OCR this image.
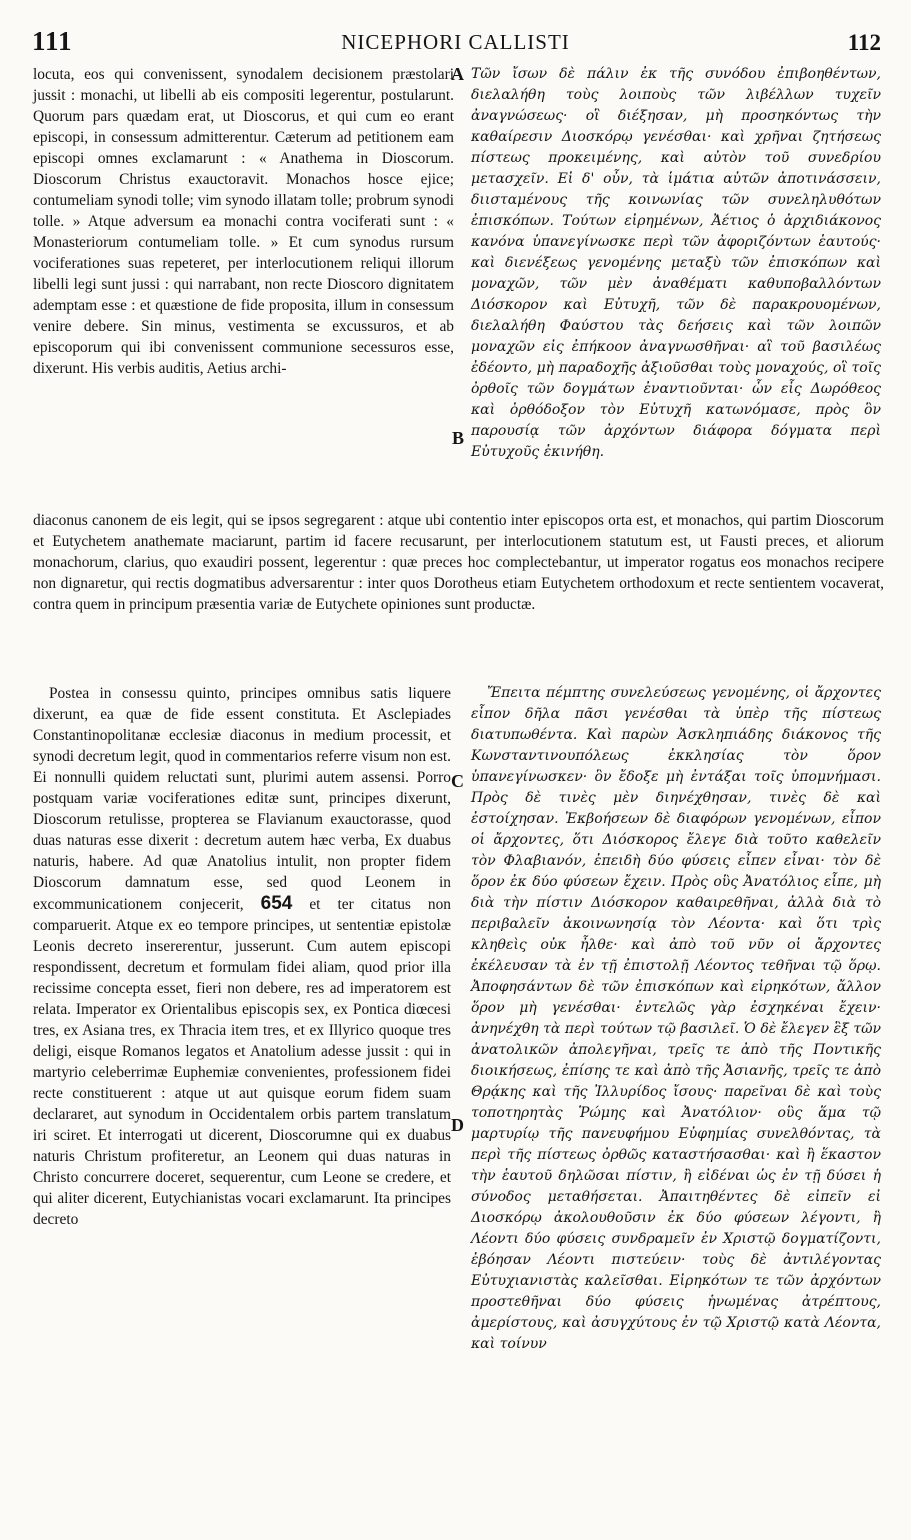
111	NICEPHORI CALLISTI	112

locuta, eos qui convenissent, synodalem decisionem præstolari jussit : monachi, ut libelli ab eis compositi legerentur, postularunt. Quorum pars quædam erat, ut Dioscorus, et qui cum eo erant episcopi, in consessum admitterentur. Cæterum ad petitionem eam episcopi omnes exclamarunt : « Anathema in Dioscorum. Dioscorum Christus exauctoravit. Monachos hosce ejice; contumeliam synodi tolle; vim synodo illatam tolle; probrum synodi tolle. » Atque adversum ea monachi contra vociferati sunt : « Monasteriorum contumeliam tolle. » Et cum synodus rursum vociferationes suas repeteret, per interlocutionem reliqui illorum libelli legi sunt jussi : qui narrabant, non recte Dioscoro dignitatem ademptam esse : et quæstione de fide proposita, illum in consessum venire debere. Sin minus, vestimenta se excussuros, et ab episcoporum qui ibi convenissent communione secessuros esse, dixerunt. His verbis auditis, Aetius archi-

A Τῶν ἴσων δὲ πάλιν ἐκ τῆς συνόδου ἐπιβοηθέντων, διελαλήθη τοὺς λοιποὺς τῶν λιβέλλων τυχεῖν ἀναγνώσεως· οἳ διέξησαν, μὴ προσηκόντως τὴν καθαίρεσιν Διοσκόρῳ γενέσθαι· καὶ χρῆναι ζητήσεως πίστεως προκειμένης, καὶ αὐτὸν τοῦ συνεδρίου μετασχεῖν. Εἰ δ' οὖν, τὰ ἱμάτια αὐτῶν ἀποτινάσσειν, διισταμένους τῆς κοινωνίας τῶν συνεληλυθότων ἐπισκόπων. Τούτων εἰρημένων, Ἀέτιος ὁ ἀρχιδιάκονος κανόνα ὑπανεγίνωσκε περὶ τῶν ἀφοριζόντων ἑαυτούς· καὶ διενέξεως γενομένης μεταξὺ τῶν ἐπισκόπων καὶ μοναχῶν, τῶν μὲν ἀναθέματι καθυποβαλλόντων Διόσκορον καὶ Εὐτυχῆ, τῶν δὲ παρακρουομένων, διελαλήθη Φαύστου τὰς δεήσεις καὶ τῶν λοιπῶν μοναχῶν εἰς ἐπήκοον ἀναγνωσθῆναι· αἳ τοῦ βασιλέως ἐδέοντο, μὴ παραδοχῆς ἀξιοῦσθαι τοὺς μοναχούς, οἳ τοῖς ὀρθοῖς τῶν δογμάτων ἐναντιοῦνται· ὧν εἷς Δωρόθεος καὶ ὀρθόδοξον τὸν Εὐτυχῆ κατωνόμασε, πρὸς ὃν παρουσίᾳ τῶν ἀρχόντων διάφορα δόγματα περὶ Εὐτυχοῦς ἐκινήθη.

B

diaconus canonem de eis legit, qui se ipsos segregarent : atque ubi contentio inter episcopos orta est, et monachos, qui partim Dioscorum et Eutychetem anathemate maciarunt, partim id facere recusarunt, per interlocutionem statutum est, ut Fausti preces, et aliorum monachorum, clarius, quo exaudiri possent, legerentur : quæ preces hoc complectebantur, ut imperator rogatus eos monachos recipere non dignaretur, qui rectis dogmatibus adversarentur : inter quos Dorotheus etiam Eutychetem orthodoxum et recte sentientem vocaverat, contra quem in principum præsentia variæ de Eutychete opiniones sunt productæ.

Postea in consessu quinto, principes omnibus satis liquere dixerunt, ea quæ de fide essent constituta. Et Asclepiades Constantinopolitanæ ecclesiæ diaconus in medium processit, et synodi decretum legit, quod in commentarios referre visum non est. Ei nonnulli quidem reluctati sunt, plurimi autem assensi. Porro postquam variæ vociferationes editæ sunt, principes dixerunt, Dioscorum retulisse, propterea se Flavianum exauctorasse, quod duas naturas esse dixerit : decretum autem hæc verba, Ex duabus naturis, habere. Ad quæ Anatolius intulit, non propter fidem Dioscorum damnatum esse, sed quod Leonem in excommunicationem conjecerit, 654 et ter citatus non comparuerit. Atque ex eo tempore principes, ut sententiæ epistolæ Leonis decreto insererentur, jusserunt. Cum autem episcopi respondissent, decretum et formulam fidei aliam, quod prior illa recissime concepta esset, fieri non debere, res ad imperatorem est relata. Imperator ex Orientalibus episcopis sex, ex Pontica diœcesi tres, ex Asiana tres, ex Thracia item tres, et ex Illyrico quoque tres deligi, eisque Romanos legatos et Anatolium adesse jussit : qui in martyrio celeberrimæ Euphemiæ convenientes, professionem fidei recte constituerent : atque ut aut quisque eorum fidem suam declararet, aut synodum in Occidentalem orbis partem translatum iri sciret. Et interrogati ut dicerent, Dioscorumne qui ex duabus naturis Christum profiteretur, an Leonem qui duas naturas in Christo concurrere doceret, sequerentur, cum Leone se credere, et qui aliter dicerent, Eutychianistas vocari exclamarunt. Ita principes decreto

C
D

Ἔπειτα πέμπτης συνελεύσεως γενομένης, οἱ ἄρχοντες εἶπον δῆλα πᾶσι γενέσθαι τὰ ὑπὲρ τῆς πίστεως διατυπωθέντα. Καὶ παρὼν Ἀσκληπιάδης διάκονος τῆς Κωνσταντινουπόλεως ἐκκλησίας τὸν ὅρον ὑπανεγίνωσκεν· ὃν ἔδοξε μὴ ἐντάξαι τοῖς ὑπομνήμασι. Πρὸς δὲ τινὲς μὲν διηνέχθησαν, τινὲς δὲ καὶ ἐστοίχησαν. Ἐκβοήσεων δὲ διαφόρων γενομένων, εἶπον οἱ ἄρχοντες, ὅτι Διόσκορος ἔλεγε διὰ τοῦτο καθελεῖν τὸν Φλαβιανόν, ἐπειδὴ δύο φύσεις εἶπεν εἶναι· τὸν δὲ ὅρον ἐκ δύο φύσεων ἔχειν. Πρὸς οὓς Ἀνατόλιος εἶπε, μὴ διὰ τὴν πίστιν Διόσκορον καθαιρεθῆναι, ἀλλὰ διὰ τὸ περιβαλεῖν ἀκοινωνησίᾳ τὸν Λέοντα· καὶ ὅτι τρὶς κληθεὶς οὐκ ἦλθε· καὶ ἀπὸ τοῦ νῦν οἱ ἄρχοντες ἐκέλευσαν τὰ ἐν τῇ ἐπιστολῇ Λέοντος τεθῆναι τῷ ὅρῳ. Ἀποφησάντων δὲ τῶν ἐπισκόπων καὶ εἰρηκότων, ἄλλον ὅρον μὴ γενέσθαι· ἐντελῶς γὰρ ἐσχηκέναι ἔχειν· ἀνηνέχθη τὰ περὶ τούτων τῷ βασιλεῖ. Ὁ δὲ ἔλεγεν ἓξ τῶν ἀνατολικῶν ἀπολεγῆναι, τρεῖς τε ἀπὸ τῆς Ποντικῆς διοικήσεως, ἐπίσης τε καὶ ἀπὸ τῆς Ἀσιανῆς, τρεῖς τε ἀπὸ Θρᾴκης καὶ τῆς Ἰλλυρίδος ἴσους· παρεῖναι δὲ καὶ τοὺς τοποτηρητὰς Ῥώμης καὶ Ἀνατόλιον· οὓς ἅμα τῷ μαρτυρίῳ τῆς πανευφήμου Εὐφημίας συνελθόντας, τὰ περὶ τῆς πίστεως ὀρθῶς καταστήσασθαι· καὶ ἢ ἕκαστον τὴν ἑαυτοῦ δηλῶσαι πίστιν, ἢ εἰδέναι ὡς ἐν τῇ δύσει ἡ σύνοδος μεταθήσεται. Ἀπαιτηθέντες δὲ εἰπεῖν εἰ Διοσκόρῳ ἀκολουθοῦσιν ἐκ δύο φύσεων λέγοντι, ἢ Λέοντι δύο φύσεις συνδραμεῖν ἐν Χριστῷ δογματίζοντι, ἐβόησαν Λέοντι πιστεύειν· τοὺς δὲ ἀντιλέγοντας Εὐτυχιανιστὰς καλεῖσθαι. Εἰρηκότων τε τῶν ἀρχόντων προστεθῆναι δύο φύσεις ἡνωμένας ἀτρέπτους, ἀμερίστους, καὶ ἀσυγχύτους ἐν τῷ Χριστῷ κατὰ Λέοντα, καὶ τοίνυν
